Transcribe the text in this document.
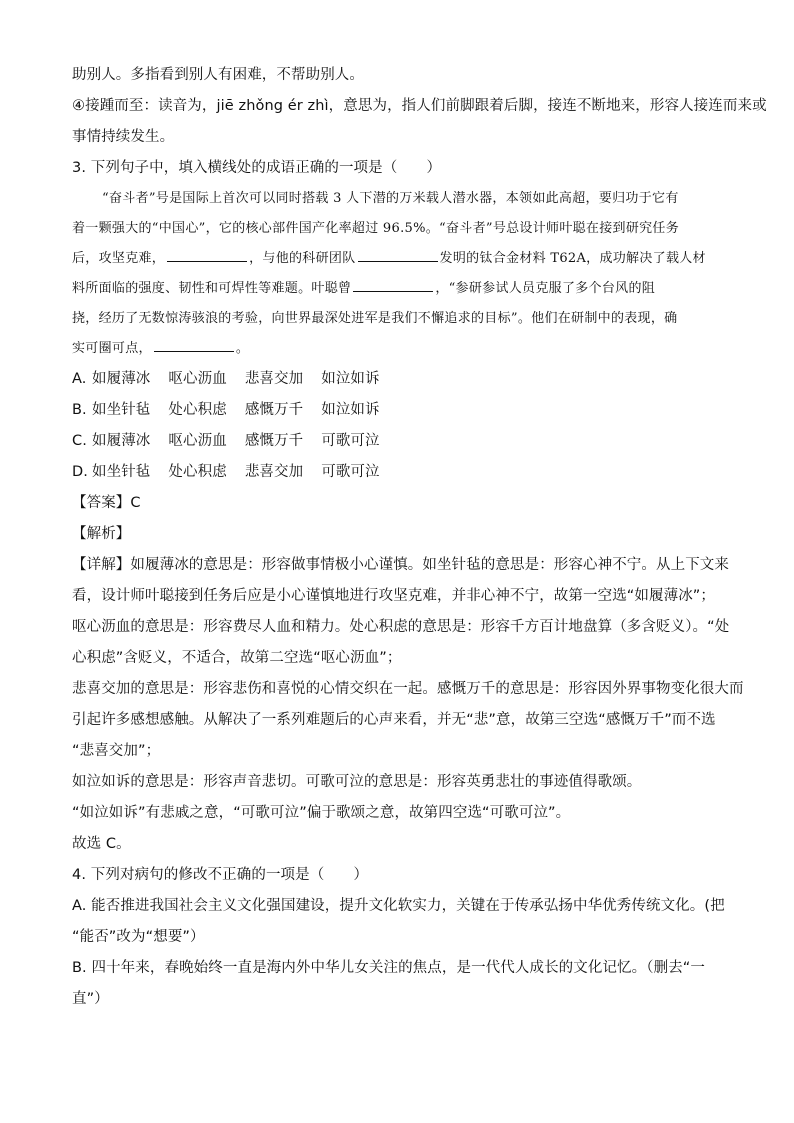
助别人。多指看到别人有困难，不帮助别人。
④接踵而至：读音为，jiē zhǒng ér zhì，意思为，指人们前脚跟着后脚，接连不断地来，形容人接连而来或
事情持续发生。
3. 下列句子中，填入横线处的成语正确的一项是（　　）
“奋斗者”号是国际上首次可以同时搭载 3 人下潜的万米载人潜水器，本领如此高超，要归功于它有
着一颗强大的“中国心”，它的核心部件国产化率超过 96.5%。“奋斗者”号总设计师叶聪在接到研究任务
后，攻坚克难，	，与他的科研团队	发明的钛合金材料 T62A，成功解决了载人材
料所面临的强度、韧性和可焊性等难题。叶聪曾	，“参研参试人员克服了多个台风的阻
挠，经历了无数惊涛骇浪的考验，向世界最深处进军是我们不懈追求的目标”。他们在研制中的表现，确
实可圈可点，	。
A. 如履薄冰 呕心沥血 悲喜交加 如泣如诉
B. 如坐针毡 处心积虑 感慨万千 如泣如诉
C. 如履薄冰 呕心沥血 感慨万千 可歌可泣
D. 如坐针毡 处心积虑 悲喜交加 可歌可泣
【答案】C
【解析】
【详解】如履薄冰的意思是：形容做事情极小心谨慎。如坐针毡的意思是：形容心神不宁。从上下文来
看，设计师叶聪接到任务后应是小心谨慎地进行攻坚克难，并非心神不宁，故第一空选“如履薄冰”；
呕心沥血的意思是：形容费尽人血和精力。处心积虑的意思是：形容千方百计地盘算（多含贬义）。“处
心积虑”含贬义，不适合，故第二空选“呕心沥血”；
悲喜交加的意思是：形容悲伤和喜悦的心情交织在一起。感慨万千的意思是：形容因外界事物变化很大而
引起许多感想感触。从解决了一系列难题后的心声来看，并无“悲”意，故第三空选“感慨万千”而不选
“悲喜交加”；
如泣如诉的意思是：形容声音悲切。可歌可泣的意思是：形容英勇悲壮的事迹值得歌颂。
“如泣如诉”有悲戚之意，“可歌可泣”偏于歌颂之意，故第四空选“可歌可泣”。
故选 C。
4. 下列对病句的修改不正确的一项是（　　）
A. 能否推进我国社会主义文化强国建设，提升文化软实力，关键在于传承弘扬中华优秀传统文化。(把
“能否”改为“想要”）
B. 四十年来，春晚始终一直是海内外中华儿女关注的焦点，是一代代人成长的文化记忆。（删去“一
直”）
